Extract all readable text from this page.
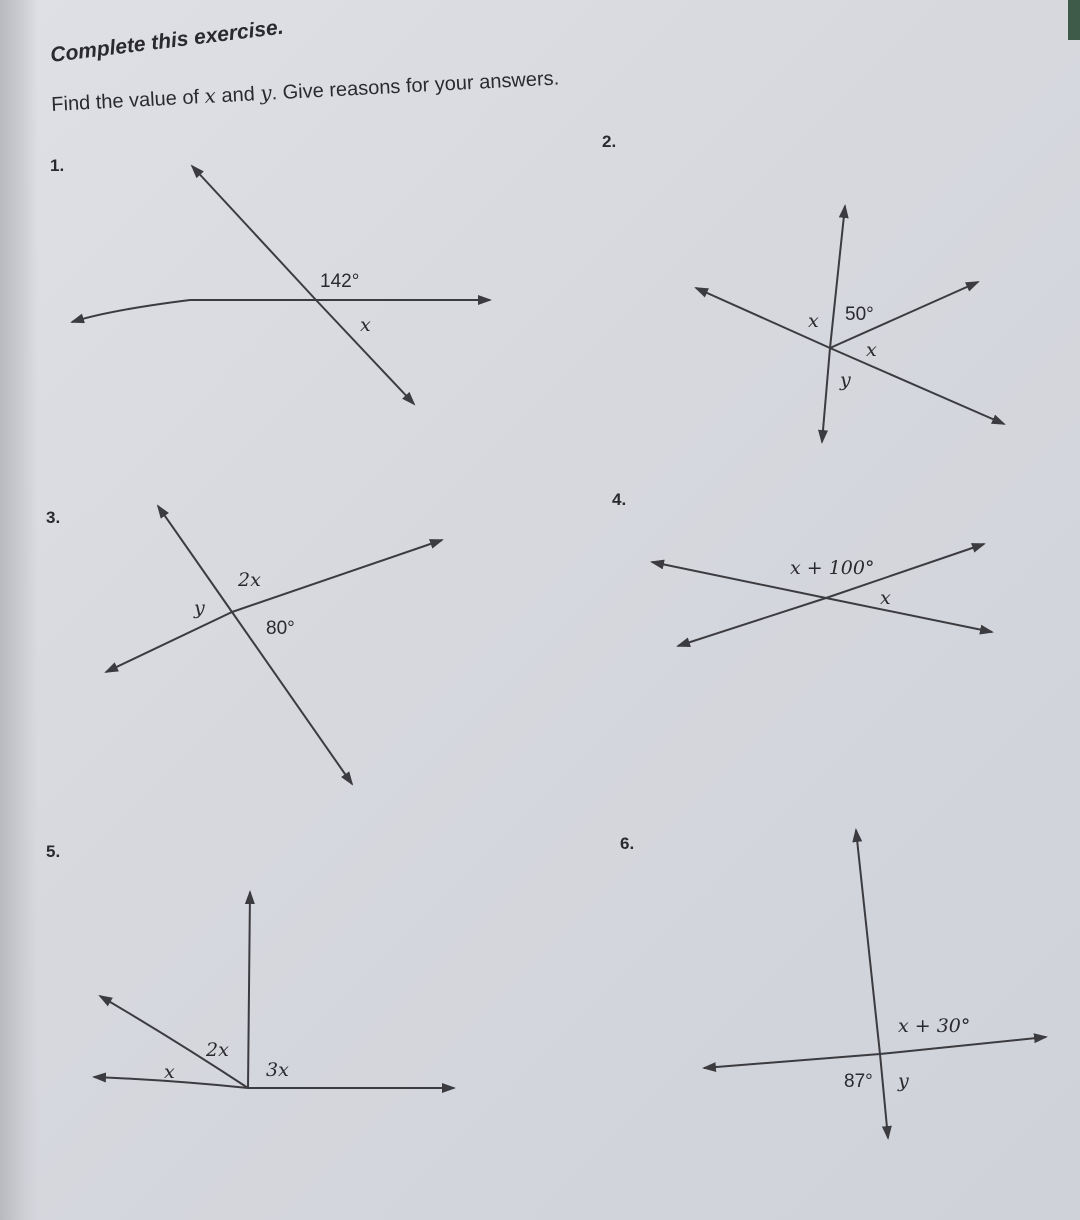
Complete this exercise.

Find the value of x and y. Give reasons for your answers.

1.
2.
3.
4.
5.	6.
142°
x	x 50°
x
y
2x
y
80°
x + 100°
x
x
2x
3x
x + 30°
87° y
